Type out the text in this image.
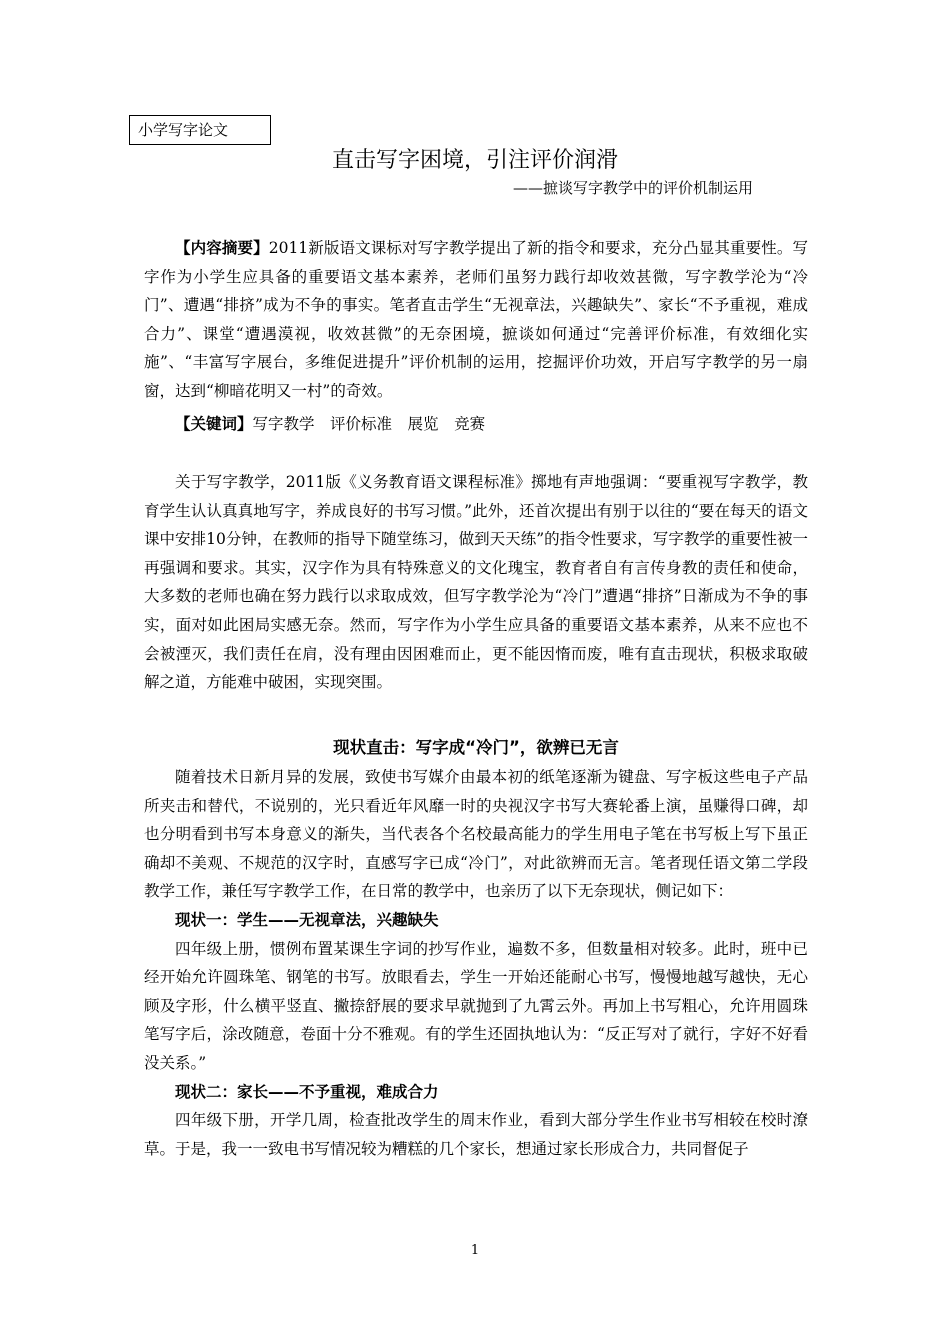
小学写字论文
直击写字困境，引注评价润滑
——摭谈写字教学中的评价机制运用

【内容摘要】2011新版语文课标对写字教学提出了新的指令和要求，充分凸显其重要性。写字作为小学生应具备的重要语文基本素养，老师们虽努力践行却收效甚微，写字教学沦为“冷门”、遭遇“排挤”成为不争的事实。笔者直击学生“无视章法，兴趣缺失”、家长“不予重视，难成合力”、课堂“遭遇漠视，收效甚微”的无奈困境，摭谈如何通过“完善评价标准，有效细化实施”、“丰富写字展台，多维促进提升”评价机制的运用，挖掘评价功效，开启写字教学的另一扇窗，达到“柳暗花明又一村”的奇效。

【关键词】写字教学 评价标准 展览 竞赛

关于写字教学，2011版《义务教育语文课程标准》掷地有声地强调：“要重视写字教学，教育学生认认真真地写字，养成良好的书写习惯。”此外，还首次提出有别于以往的“要在每天的语文课中安排10分钟，在教师的指导下随堂练习，做到天天练”的指令性要求，写字教学的重要性被一再强调和要求。其实，汉字作为具有特殊意义的文化瑰宝，教育者自有言传身教的责任和使命，大多数的老师也确在努力践行以求取成效，但写字教学沦为“冷门”遭遇“排挤”日渐成为不争的事实，面对如此困局实感无奈。然而，写字作为小学生应具备的重要语文基本素养，从来不应也不会被湮灭，我们责任在肩，没有理由因困难而止，更不能因惰而废，唯有直击现状，积极求取破解之道，方能难中破困，实现突围。

现状直击：写字成“冷门”，欲辨已无言

随着技术日新月异的发展，致使书写媒介由最本初的纸笔逐渐为键盘、写字板这些电子产品所夹击和替代，不说别的，光只看近年风靡一时的央视汉字书写大赛轮番上演，虽赚得口碑，却也分明看到书写本身意义的渐失，当代表各个名校最高能力的学生用电子笔在书写板上写下虽正确却不美观、不规范的汉字时，直感写字已成“冷门”，对此欲辨而无言。笔者现任语文第二学段教学工作，兼任写字教学工作，在日常的教学中，也亲历了以下无奈现状，侧记如下：

现状一：学生——无视章法，兴趣缺失

四年级上册，惯例布置某课生字词的抄写作业，遍数不多，但数量相对较多。此时，班中已经开始允许圆珠笔、钢笔的书写。放眼看去，学生一开始还能耐心书写，慢慢地越写越快，无心顾及字形，什么横平竖直、撇捺舒展的要求早就抛到了九霄云外。再加上书写粗心，允许用圆珠笔写字后，涂改随意，卷面十分不雅观。有的学生还固执地认为：“反正写对了就行，字好不好看没关系。”

现状二：家长——不予重视，难成合力

四年级下册，开学几周，检查批改学生的周末作业，看到大部分学生作业书写相较在校时潦草。于是，我一一致电书写情况较为糟糕的几个家长，想通过家长形成合力，共同督促子

1
